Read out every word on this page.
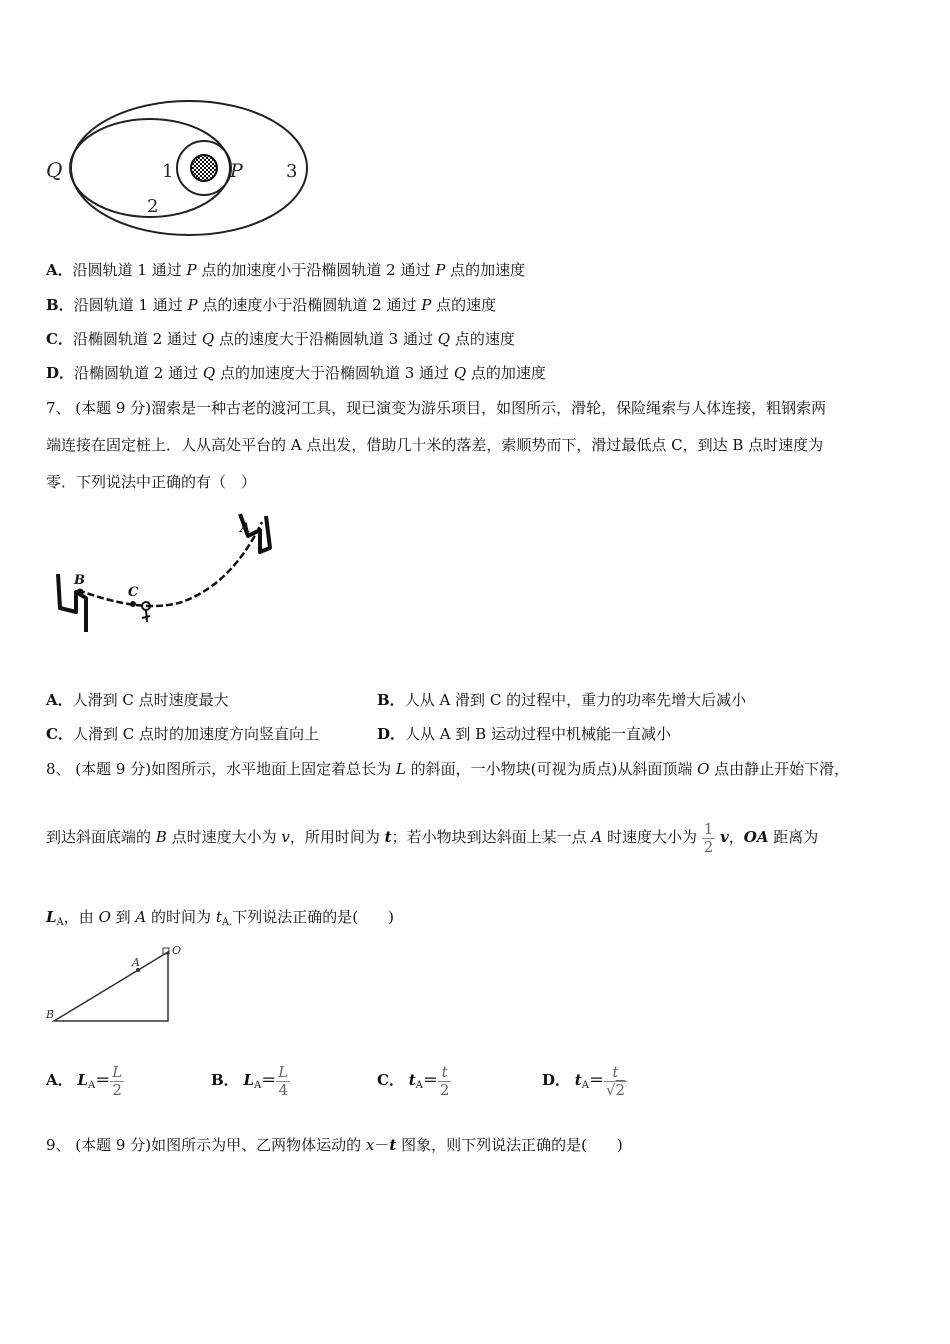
Q	1	P 3
2
A．沿圆轨道 1 通过 P 点的加速度小于沿椭圆轨道 2 通过 P 点的加速度
B．沿圆轨道 1 通过 P 点的速度小于沿椭圆轨道 2 通过 P 点的速度
C．沿椭圆轨道 2 通过 Q 点的速度大于沿椭圆轨道 3 通过 Q 点的速度
D．沿椭圆轨道 2 通过 Q 点的加速度大于沿椭圆轨道 3 通过 Q 点的加速度
7、 (本题 9 分)溜索是一种古老的渡河工具，现已演变为游乐项目，如图所示，滑轮，保险绳索与人体连接，粗钢索两
端连接在固定桩上．人从高处平台的 A 点出发，借助几十米的落差，索顺势而下，滑过最低点 C，到达 B 点时速度为
零．下列说法中正确的有（　）
B
C
A
A．人滑到 C 点时速度最大	B．人从 A 滑到 C 的过程中，重力的功率先增大后减小
C．人滑到 C 点时的加速度方向竖直向上	D．人从 A 到 B 运动过程中机械能一直减小
8、 (本题 9 分)如图所示，水平地面上固定着总长为 L 的斜面，一小物块(可视为质点)从斜面顶端 O 点由静止开始下滑，
到达斜面底端的 B 点时速度大小为 v，所用时间为 t；若小物块到达斜面上某一点 A 时速度大小为 $\frac{1}{2}$ v，OA 距离为
$L_A$，由 O 到 A 的时间为 $t_{A.}$下列说法正确的是(　　)
O
A
B
A． $L_A= \frac{L}{2}$	B． $L_A= \frac{L}{4}$	C． $t_A= \frac{t}{2}$	D． $t_A= \frac{t}{√2}$
9、 (本题 9 分)如图所示为甲、乙两物体运动的 x－t 图象，则下列说法正确的是(　　)
